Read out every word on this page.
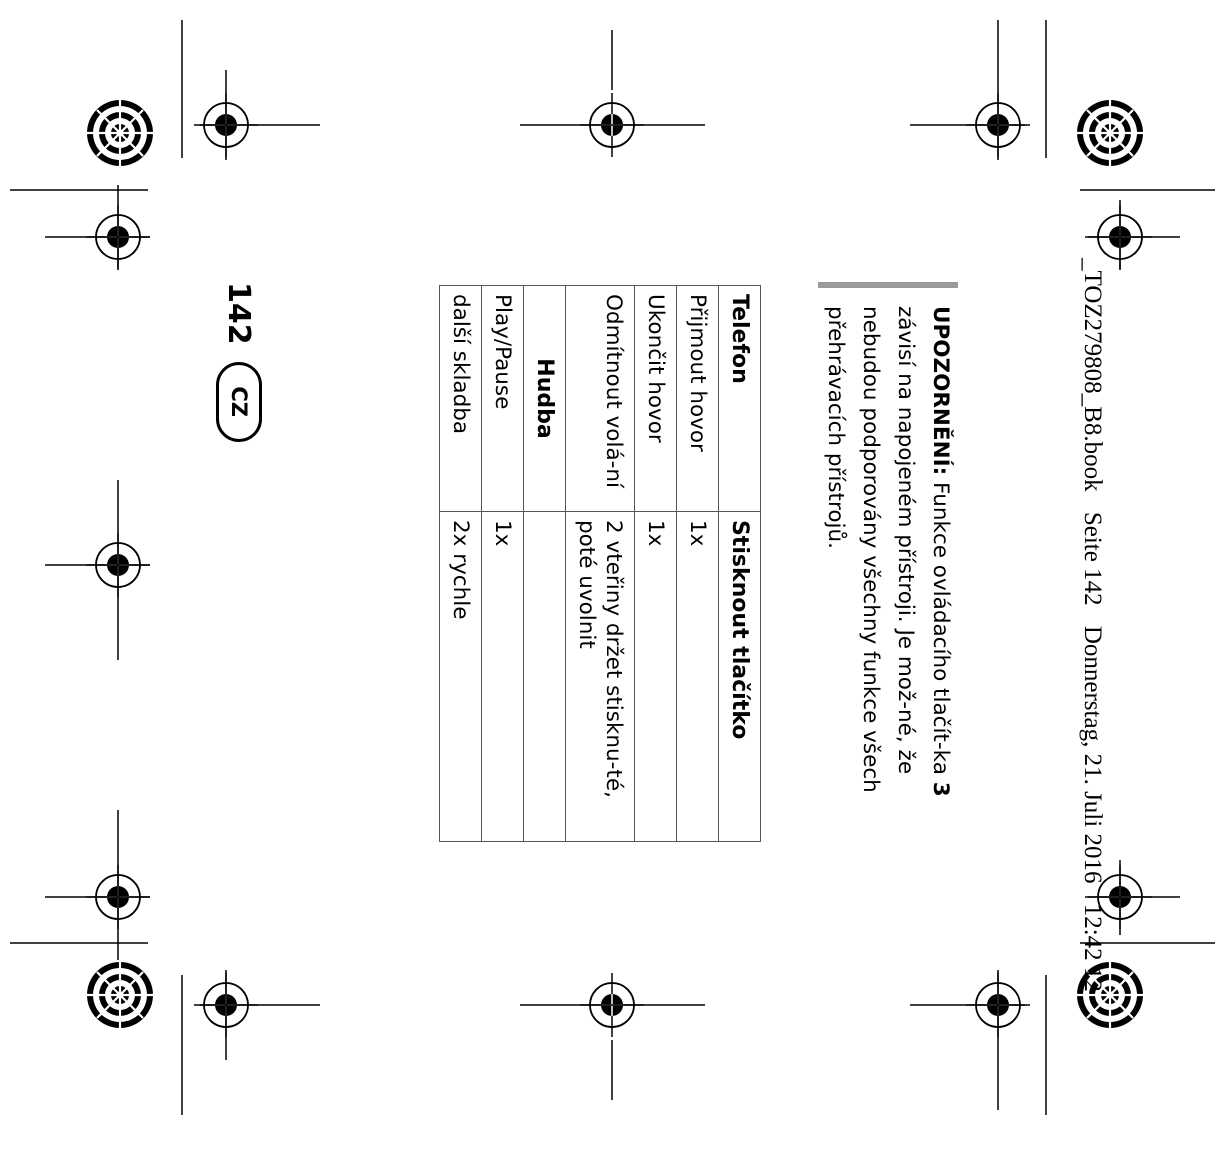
_TOZ279808_B8.book Seite 142 Donnerstag, 21. Juli 2016 12:42 12
UPOZORNĚNÍ: Funkce ovládacího tlačít-ka 3 závisí na napojeném přístroji. Je mož-né, že nebudou podporovány všechny funkce všech přehrávacích přístrojů.
Telefon	Stisknout tlačítko
Přijmout hovor	1x
Ukončit hovor	1x
Odmítnout volá-ní	2 vteřiny držet stisknu-té, poté uvolnit
Hudba	
Play/Pause	1x
další skladba	2x rychle
142 CZ
